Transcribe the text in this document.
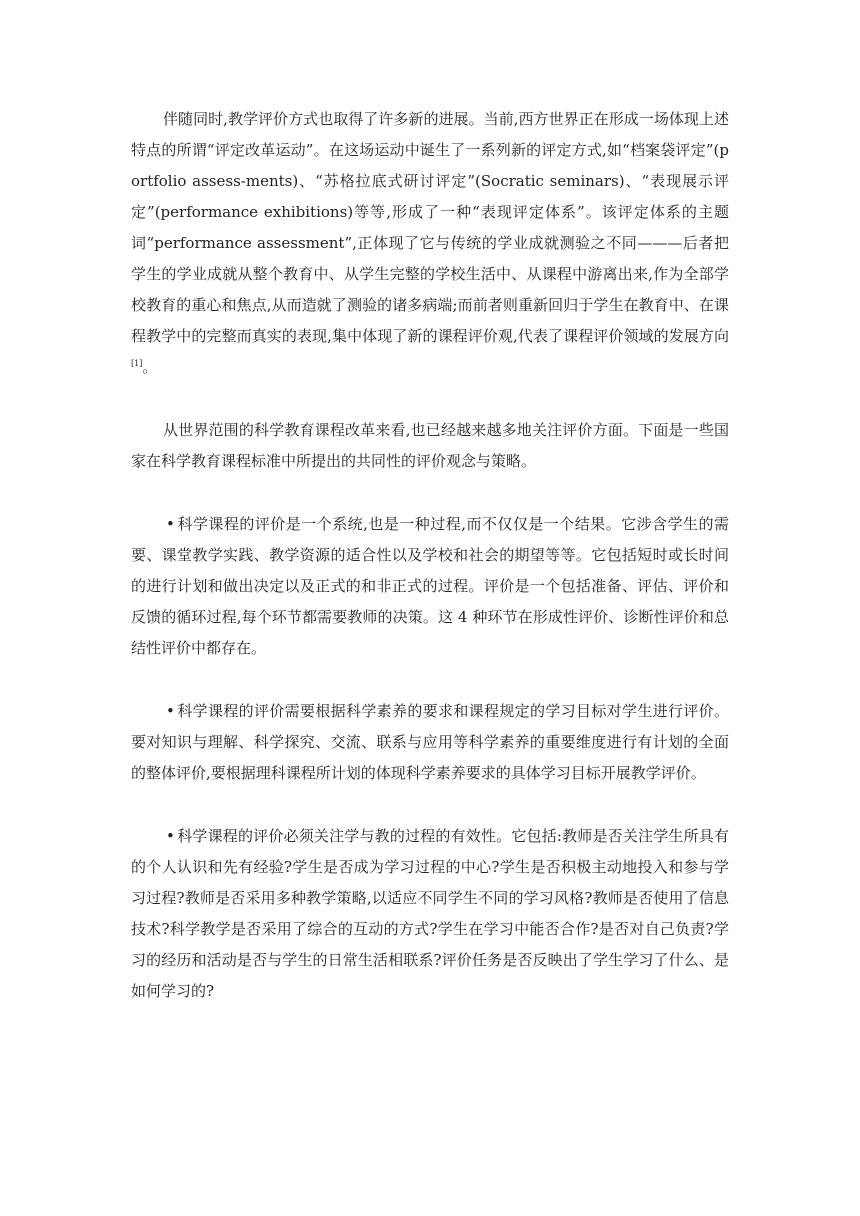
伴随同时,教学评价方式也取得了许多新的进展。当前,西方世界正在形成一场体现上述特点的所谓“评定改革运动”。在这场运动中诞生了一系列新的评定方式,如“档案袋评定”(portfolio assess-ments)、“苏格拉底式研讨评定”(Socratic seminars)、“表现展示评定”(performance exhibitions)等等,形成了一种“表现评定体系”。该评定体系的主题词“performance assessment”,正体现了它与传统的学业成就测验之不同———后者把学生的学业成就从整个教育中、从学生完整的学校生活中、从课程中游离出来,作为全部学校教育的重心和焦点,从而造就了测验的诸多病端;而前者则重新回归于学生在教育中、在课程教学中的完整而真实的表现,集中体现了新的课程评价观,代表了课程评价领域的发展方向[1]。

从世界范围的科学教育课程改革来看,也已经越来越多地关注评价方面。下面是一些国家在科学教育课程标准中所提出的共同性的评价观念与策略。

• 科学课程的评价是一个系统,也是一种过程,而不仅仅是一个结果。它涉含学生的需要、课堂教学实践、教学资源的适合性以及学校和社会的期望等等。它包括短时或长时间的进行计划和做出决定以及正式的和非正式的过程。评价是一个包括准备、评估、评价和反馈的循环过程,每个环节都需要教师的决策。这 4 种环节在形成性评价、诊断性评价和总结性评价中都存在。

• 科学课程的评价需要根据科学素养的要求和课程规定的学习目标对学生进行评价。要对知识与理解、科学探究、交流、联系与应用等科学素养的重要维度进行有计划的全面的整体评价,要根据理科课程所计划的体现科学素养要求的具体学习目标开展教学评价。

• 科学课程的评价必须关注学与教的过程的有效性。它包括:教师是否关注学生所具有的个人认识和先有经验?学生是否成为学习过程的中心?学生是否积极主动地投入和参与学习过程?教师是否采用多种教学策略,以适应不同学生不同的学习风格?教师是否使用了信息技术?科学教学是否采用了综合的互动的方式?学生在学习中能否合作?是否对自己负责?学习的经历和活动是否与学生的日常生活相联系?评价任务是否反映出了学生学习了什么、是如何学习的?
